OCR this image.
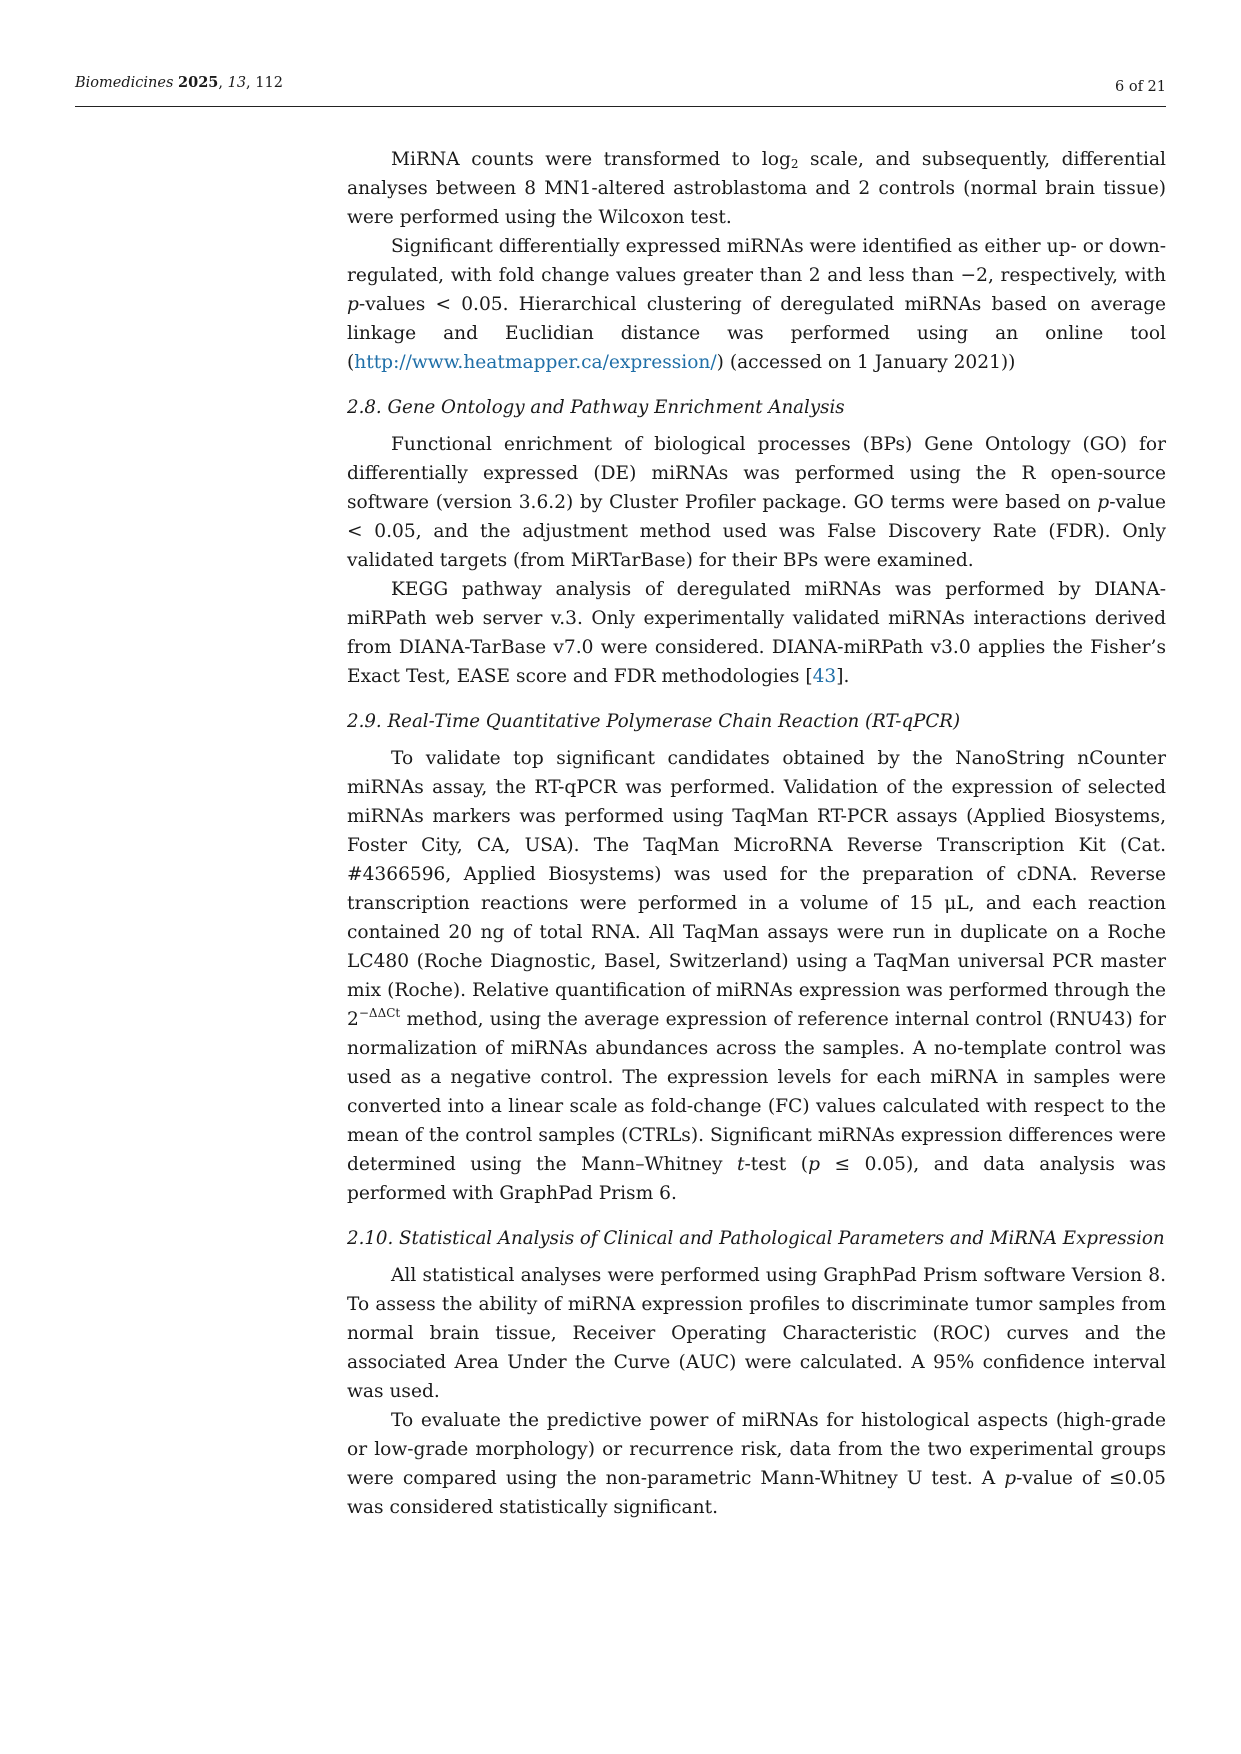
Biomedicines 2025, 13, 112	6 of 21

MiRNA counts were transformed to $\log_2$ scale, and subsequently, differential analyses between 8 MN1-altered astroblastoma and 2 controls (normal brain tissue) were performed using the Wilcoxon test.

Significant differentially expressed miRNAs were identified as either up- or down-regulated, with fold change values greater than 2 and less than −2, respectively, with p-values < 0.05. Hierarchical clustering of deregulated miRNAs based on average linkage and Euclidian distance was performed using an online tool (http://www.heatmapper.ca/expression/) (accessed on 1 January 2021))

2.8. Gene Ontology and Pathway Enrichment Analysis

Functional enrichment of biological processes (BPs) Gene Ontology (GO) for differentially expressed (DE) miRNAs was performed using the R open-source software (version 3.6.2) by Cluster Profiler package. GO terms were based on p-value < 0.05, and the adjustment method used was False Discovery Rate (FDR). Only validated targets (from MiRTarBase) for their BPs were examined.

KEGG pathway analysis of deregulated miRNAs was performed by DIANA-miRPath web server v.3. Only experimentally validated miRNAs interactions derived from DIANA-TarBase v7.0 were considered. DIANA-miRPath v3.0 applies the Fisher’s Exact Test, EASE score and FDR methodologies [43].

2.9. Real-Time Quantitative Polymerase Chain Reaction (RT-qPCR)

To validate top significant candidates obtained by the NanoString nCounter miRNAs assay, the RT-qPCR was performed. Validation of the expression of selected miRNAs markers was performed using TaqMan RT-PCR assays (Applied Biosystems, Foster City, CA, USA). The TaqMan MicroRNA Reverse Transcription Kit (Cat. #4366596, Applied Biosystems) was used for the preparation of cDNA. Reverse transcription reactions were performed in a volume of 15 μL, and each reaction contained 20 ng of total RNA. All TaqMan assays were run in duplicate on a Roche LC480 (Roche Diagnostic, Basel, Switzerland) using a TaqMan universal PCR master mix (Roche). Relative quantification of miRNAs expression was performed through the $2^{-\Delta\Delta Ct}$ method, using the average expression of reference internal control (RNU43) for normalization of miRNAs abundances across the samples. A no-template control was used as a negative control. The expression levels for each miRNA in samples were converted into a linear scale as fold-change (FC) values calculated with respect to the mean of the control samples (CTRLs). Significant miRNAs expression differences were determined using the Mann–Whitney t-test (p ≤ 0.05), and data analysis was performed with GraphPad Prism 6.

2.10. Statistical Analysis of Clinical and Pathological Parameters and MiRNA Expression

All statistical analyses were performed using GraphPad Prism software Version 8. To assess the ability of miRNA expression profiles to discriminate tumor samples from normal brain tissue, Receiver Operating Characteristic (ROC) curves and the associated Area Under the Curve (AUC) were calculated. A 95% confidence interval was used.

To evaluate the predictive power of miRNAs for histological aspects (high-grade or low-grade morphology) or recurrence risk, data from the two experimental groups were compared using the non-parametric Mann-Whitney U test. A p-value of ≤0.05 was considered statistically significant.
